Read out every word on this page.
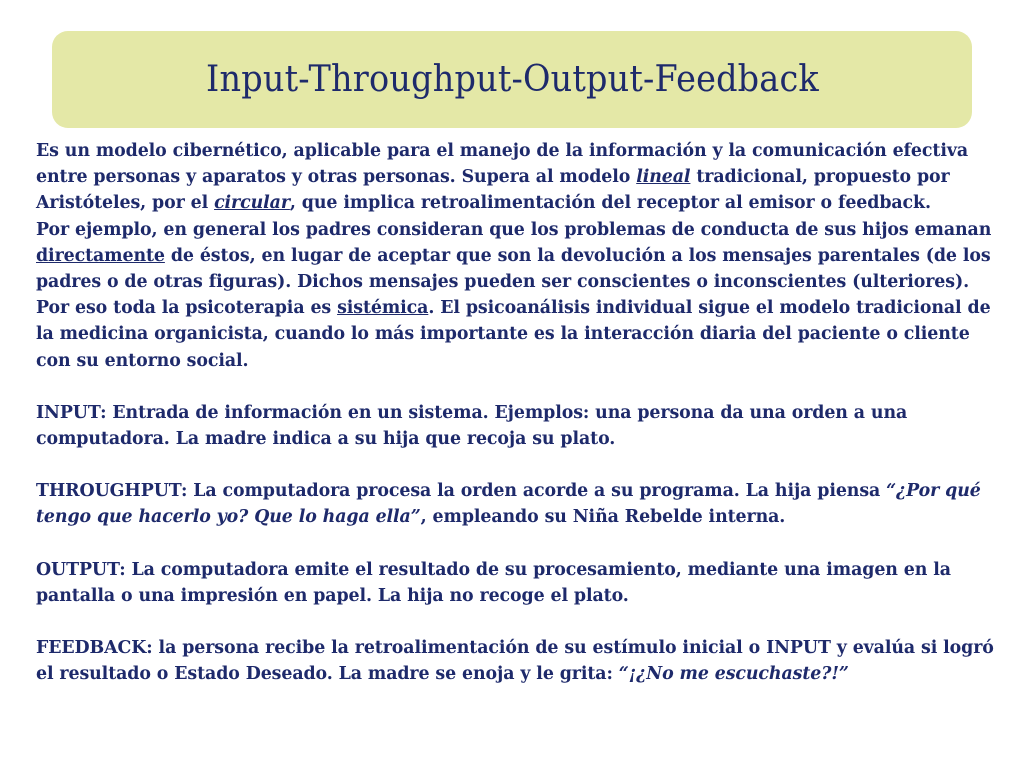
Input-Throughput-Output-Feedback

Es un modelo cibernético, aplicable para el manejo de la información y la comunicación efectiva entre personas y aparatos y otras personas. Supera al modelo lineal tradicional, propuesto por Aristóteles, por el circular, que implica retroalimentación del receptor al emisor o feedback.

Por ejemplo, en general los padres consideran que los problemas de conducta de sus hijos emanan directamente de éstos, en lugar de aceptar que son la devolución a los mensajes parentales (de los padres o de otras figuras). Dichos mensajes pueden ser conscientes o inconscientes (ulteriores). Por eso toda la psicoterapia es sistémica. El psicoanálisis individual sigue el modelo tradicional de la medicina organicista, cuando lo más importante es la interacción diaria del paciente o cliente con su entorno social.

INPUT: Entrada de información en un sistema. Ejemplos: una persona da una orden a una computadora. La madre indica a su hija que recoja su plato.

THROUGHPUT: La computadora procesa la orden acorde a su programa. La hija piensa “¿Por qué tengo que hacerlo yo? Que lo haga ella”, empleando su Niña Rebelde interna.

OUTPUT: La computadora emite el resultado de su procesamiento, mediante una imagen en la pantalla o una impresión en papel. La hija no recoge el plato.

FEEDBACK: la persona recibe la retroalimentación de su estímulo inicial o INPUT y evalúa si logró el resultado o Estado Deseado. La madre se enoja y le grita: “¡¿No me escuchaste?!”
